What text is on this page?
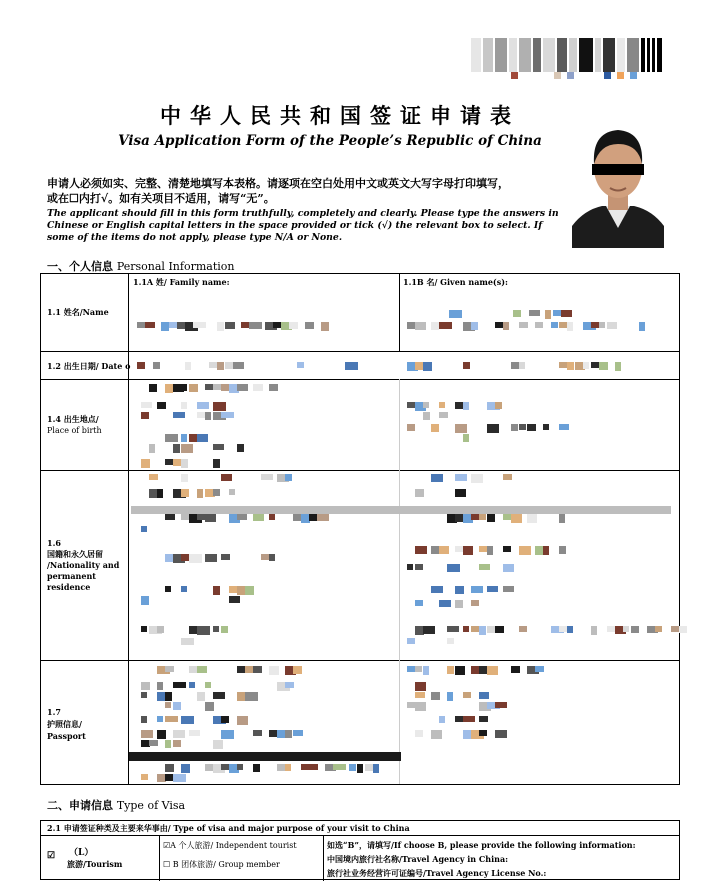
中华人民共和国签证申请表
Visa Application Form of the People’s Republic of China
申请人必须如实、完整、清楚地填写本表格。请逐项在空白处用中文或英文大写字母打印填写，
或在☐内打√。如有关项目不适用，请写“无”。
The applicant should fill in this form truthfully, completely and clearly. Please type the answers in Chinese or English capital letters in the space provided or tick (√) the relevant box to select. If some of the items do not apply, please type N/A or None.
一、个人信息 Personal Information
1.1 姓名/Name
1.1A 姓/ Family name:	1.1B 名/ Given name(s):
1.2 出生日期/ Date o
1.4 出生地点/
Place of birth
1.6
国籍和永久居留
/Nationality and
permanent
residence
1.7
护照信息/
Passport
二、申请信息 Type of Visa
2.1 申请签证种类及主要来华事由/ Type of visa and major purpose of your visit to China
☑ （L）
旅游/Tourism
☑A 个人旅游/ Independent tourist
☐ B 团体旅游/ Group member
如选“B”，请填写/If choose B, please provide the following information:
中国境内旅行社名称/Travel Agency in China:
旅行社业务经营许可证编号/Travel Agency License No.:
